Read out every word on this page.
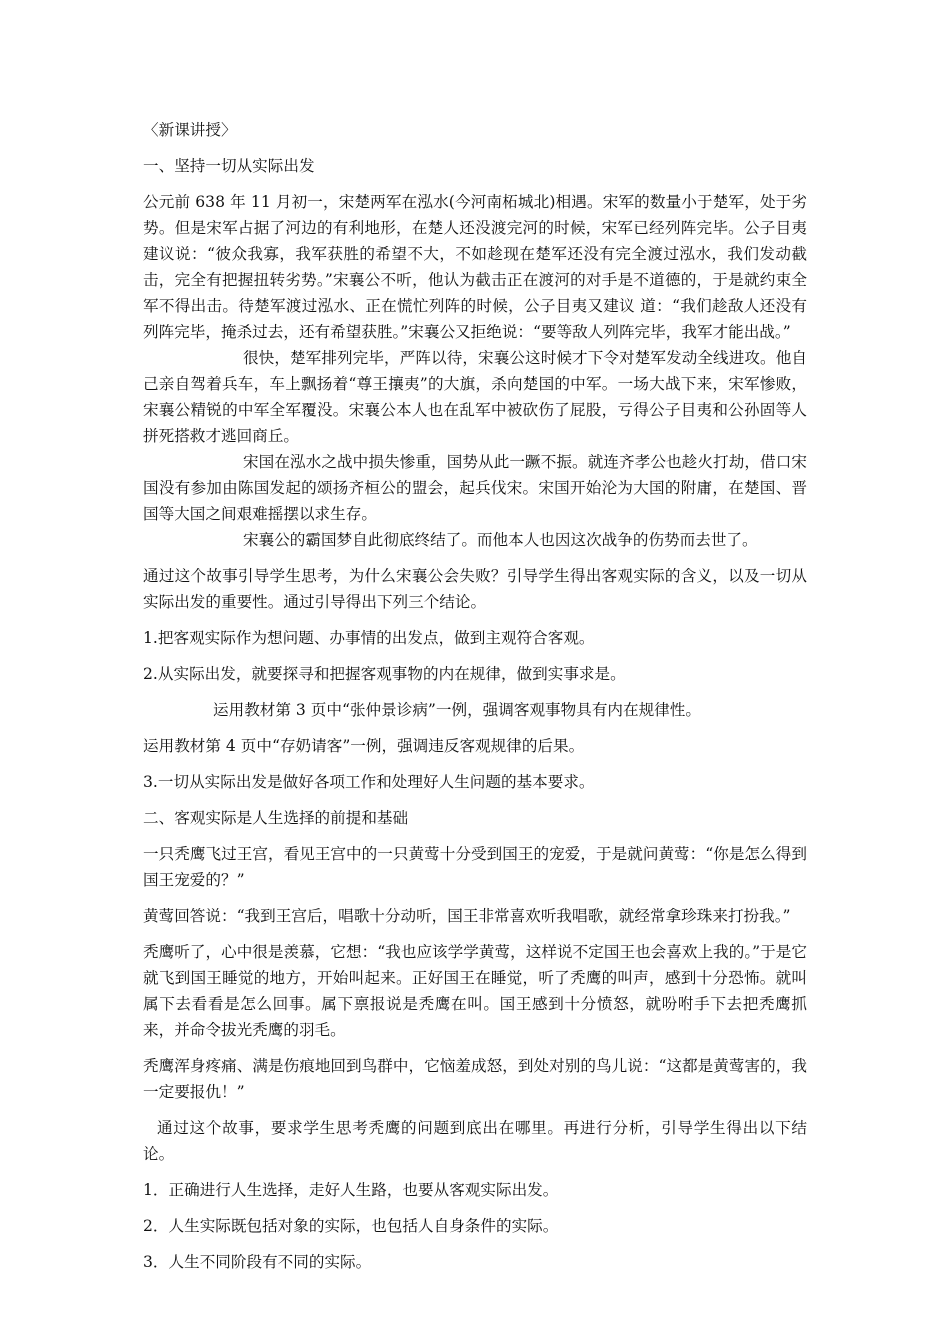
〈新课讲授〉
一、坚持一切从实际出发

公元前 638 年 11 月初一，宋楚两军在泓水(今河南柘城北)相遇。宋军的数量小于楚军，处于劣势。但是宋军占据了河边的有利地形，在楚人还没渡完河的时候，宋军已经列阵完毕。公子目夷建议说：“彼众我寡，我军获胜的希望不大，不如趁现在楚军还没有完全渡过泓水，我们发动截击，完全有把握扭转劣势。”宋襄公不听，他认为截击正在渡河的对手是不道德的，于是就约束全军不得出击。待楚军渡过泓水、正在慌忙列阵的时候，公子目夷又建议 道：“我们趁敌人还没有列阵完毕，掩杀过去，还有希望获胜。”宋襄公又拒绝说：“要等敌人列阵完毕，我军才能出战。”

很快，楚军排列完毕，严阵以待，宋襄公这时候才下令对楚军发动全线进攻。他自己亲自驾着兵车，车上飘扬着“尊王攘夷”的大旗，杀向楚国的中军。一场大战下来，宋军惨败，宋襄公精锐的中军全军覆没。宋襄公本人也在乱军中被砍伤了屁股，亏得公子目夷和公孙固等人拼死搭救才逃回商丘。

宋国在泓水之战中损失惨重，国势从此一蹶不振。就连齐孝公也趁火打劫，借口宋国没有参加由陈国发起的颂扬齐桓公的盟会，起兵伐宋。宋国开始沦为大国的附庸，在楚国、晋国等大国之间艰难摇摆以求生存。

宋襄公的霸国梦自此彻底终结了。而他本人也因这次战争的伤势而去世了。

通过这个故事引导学生思考，为什么宋襄公会失败？引导学生得出客观实际的含义，以及一切从实际出发的重要性。通过引导得出下列三个结论。

1.把客观实际作为想问题、办事情的出发点，做到主观符合客观。

2.从实际出发，就要探寻和把握客观事物的内在规律，做到实事求是。

运用教材第 3 页中“张仲景诊病”一例，强调客观事物具有内在规律性。

运用教材第 4 页中“存奶请客”一例，强调违反客观规律的后果。

3.一切从实际出发是做好各项工作和处理好人生问题的基本要求。

二、客观实际是人生选择的前提和基础

一只秃鹰飞过王宫，看见王宫中的一只黄莺十分受到国王的宠爱，于是就问黄莺：“你是怎么得到国王宠爱的？”

黄莺回答说：“我到王宫后，唱歌十分动听，国王非常喜欢听我唱歌，就经常拿珍珠来打扮我。”

秃鹰听了，心中很是羡慕，它想：“我也应该学学黄莺，这样说不定国王也会喜欢上我的。”于是它就飞到国王睡觉的地方，开始叫起来。正好国王在睡觉，听了秃鹰的叫声，感到十分恐怖。就叫属下去看看是怎么回事。属下禀报说是秃鹰在叫。国王感到十分愤怒，就吩咐手下去把秃鹰抓来，并命令拔光秃鹰的羽毛。

秃鹰浑身疼痛、满是伤痕地回到鸟群中，它恼羞成怒，到处对别的鸟儿说：“这都是黄莺害的，我一定要报仇！”

通过这个故事，要求学生思考秃鹰的问题到底出在哪里。再进行分析，引导学生得出以下结论。

1．正确进行人生选择，走好人生路，也要从客观实际出发。

2．人生实际既包括对象的实际，也包括人自身条件的实际。

3．人生不同阶段有不同的实际。
